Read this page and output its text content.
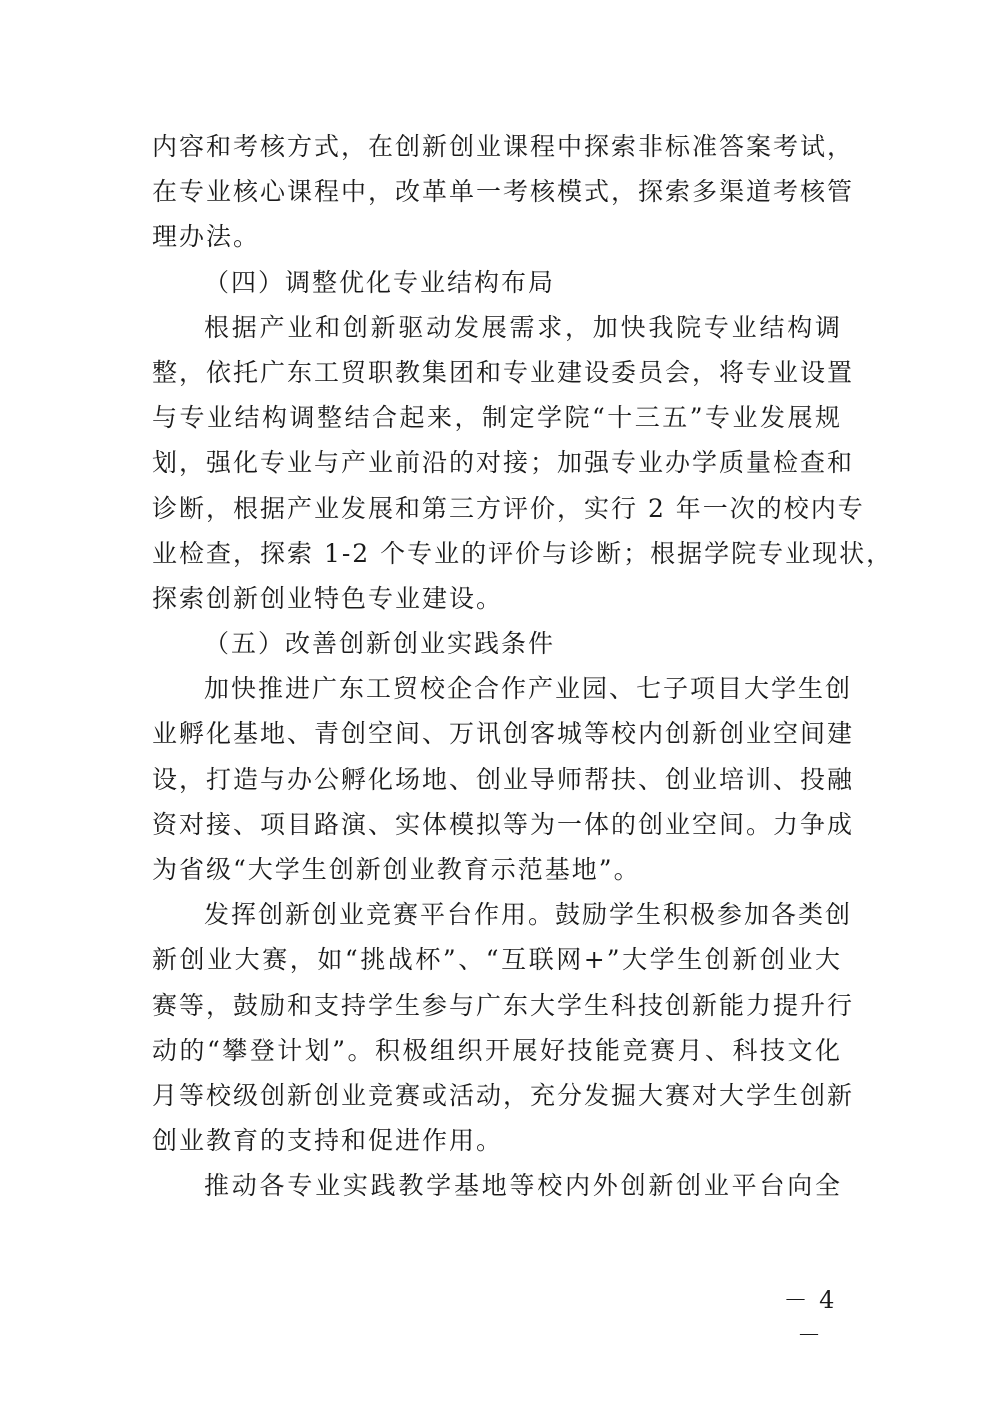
内容和考核方式，在创新创业课程中探索非标准答案考试，
在专业核心课程中，改革单一考核模式，探索多渠道考核管
理办法。
（四）调整优化专业结构布局
根据产业和创新驱动发展需求，加快我院专业结构调
整，依托广东工贸职教集团和专业建设委员会，将专业设置
与专业结构调整结合起来，制定学院“十三五”专业发展规
划，强化专业与产业前沿的对接；加强专业办学质量检查和
诊断，根据产业发展和第三方评价，实行 2 年一次的校内专
业检查，探索 1-2 个专业的评价与诊断；根据学院专业现状，
探索创新创业特色专业建设。
（五）改善创新创业实践条件
加快推进广东工贸校企合作产业园、七子项目大学生创
业孵化基地、青创空间、万讯创客城等校内创新创业空间建
设，打造与办公孵化场地、创业导师帮扶、创业培训、投融
资对接、项目路演、实体模拟等为一体的创业空间。力争成
为省级“大学生创新创业教育示范基地”。
发挥创新创业竞赛平台作用。鼓励学生积极参加各类创
新创业大赛，如“挑战杯”、“互联网+”大学生创新创业大
赛等，鼓励和支持学生参与广东大学生科技创新能力提升行
动的“攀登计划”。积极组织开展好技能竞赛月、科技文化
月等校级创新创业竞赛或活动，充分发掘大赛对大学生创新
创业教育的支持和促进作用。
推动各专业实践教学基地等校内外创新创业平台向全
－ 4 －
